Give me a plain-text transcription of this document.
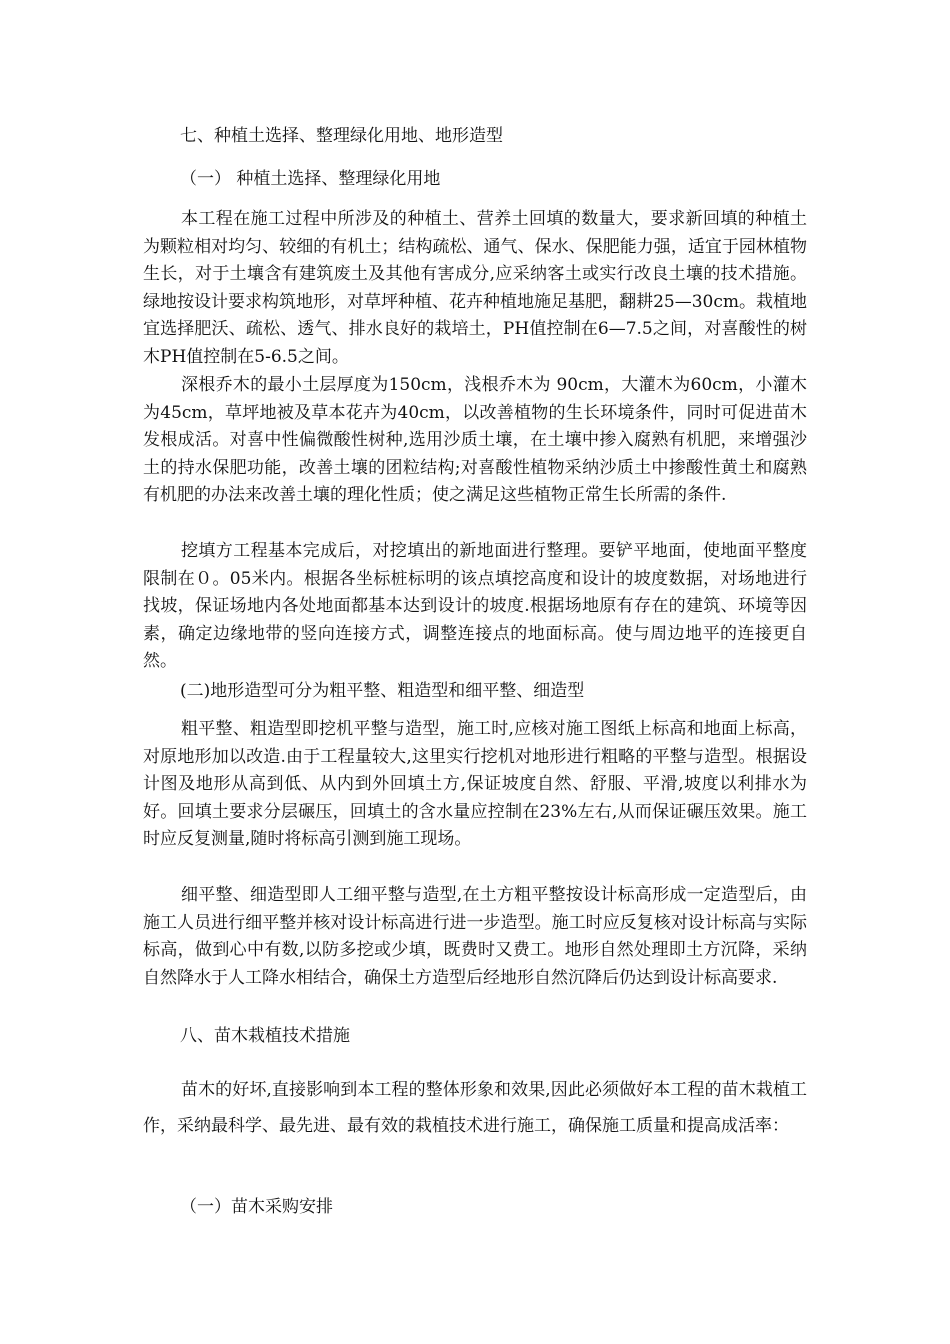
七、种植土选择、整理绿化用地、地形造型
（一） 种植土选择、整理绿化用地

本工程在施工过程中所涉及的种植土、营养土回填的数量大，要求新回填的种植土为颗粒相对均匀、较细的有机土；结构疏松、通气、保水、保肥能力强，适宜于园林植物生长，对于土壤含有建筑废土及其他有害成分,应采纳客土或实行改良土壤的技术措施。绿地按设计要求构筑地形，对草坪种植、花卉种植地施足基肥，翻耕25—30cm。栽植地宜选择肥沃、疏松、透气、排水良好的栽培土，PH值控制在6—7.5之间，对喜酸性的树木PH值控制在5-6.5之间。

深根乔木的最小土层厚度为150cm，浅根乔木为 90cm，大灌木为60cm，小灌木为45cm，草坪地被及草本花卉为40cm，以改善植物的生长环境条件，同时可促进苗木发根成活。对喜中性偏微酸性树种,选用沙质土壤，在土壤中掺入腐熟有机肥，来增强沙土的持水保肥功能，改善土壤的团粒结构;对喜酸性植物采纳沙质土中掺酸性黄土和腐熟有机肥的办法来改善土壤的理化性质；使之满足这些植物正常生长所需的条件.

挖填方工程基本完成后，对挖填出的新地面进行整理。要铲平地面，使地面平整度限制在０。05米内。根据各坐标桩标明的该点填挖高度和设计的坡度数据，对场地进行找坡，保证场地内各处地面都基本达到设计的坡度.根据场地原有存在的建筑、环境等因素，确定边缘地带的竖向连接方式，调整连接点的地面标高。使与周边地平的连接更自然。

(二)地形造型可分为粗平整、粗造型和细平整、细造型

粗平整、粗造型即挖机平整与造型，施工时,应核对施工图纸上标高和地面上标高，对原地形加以改造.由于工程量较大,这里实行挖机对地形进行粗略的平整与造型。根据设计图及地形从高到低、从内到外回填土方,保证坡度自然、舒服、平滑,坡度以利排水为好。回填土要求分层碾压，回填土的含水量应控制在23%左右,从而保证碾压效果。施工时应反复测量,随时将标高引测到施工现场。

细平整、细造型即人工细平整与造型,在土方粗平整按设计标高形成一定造型后，由施工人员进行细平整并核对设计标高进行进一步造型。施工时应反复核对设计标高与实际标高，做到心中有数,以防多挖或少填，既费时又费工。地形自然处理即土方沉降，采纳自然降水于人工降水相结合，确保土方造型后经地形自然沉降后仍达到设计标高要求.

八、苗木栽植技术措施

苗木的好坏,直接影响到本工程的整体形象和效果,因此必须做好本工程的苗木栽植工作，采纳最科学、最先进、最有效的栽植技术进行施工，确保施工质量和提高成活率：

（一）苗木采购安排
